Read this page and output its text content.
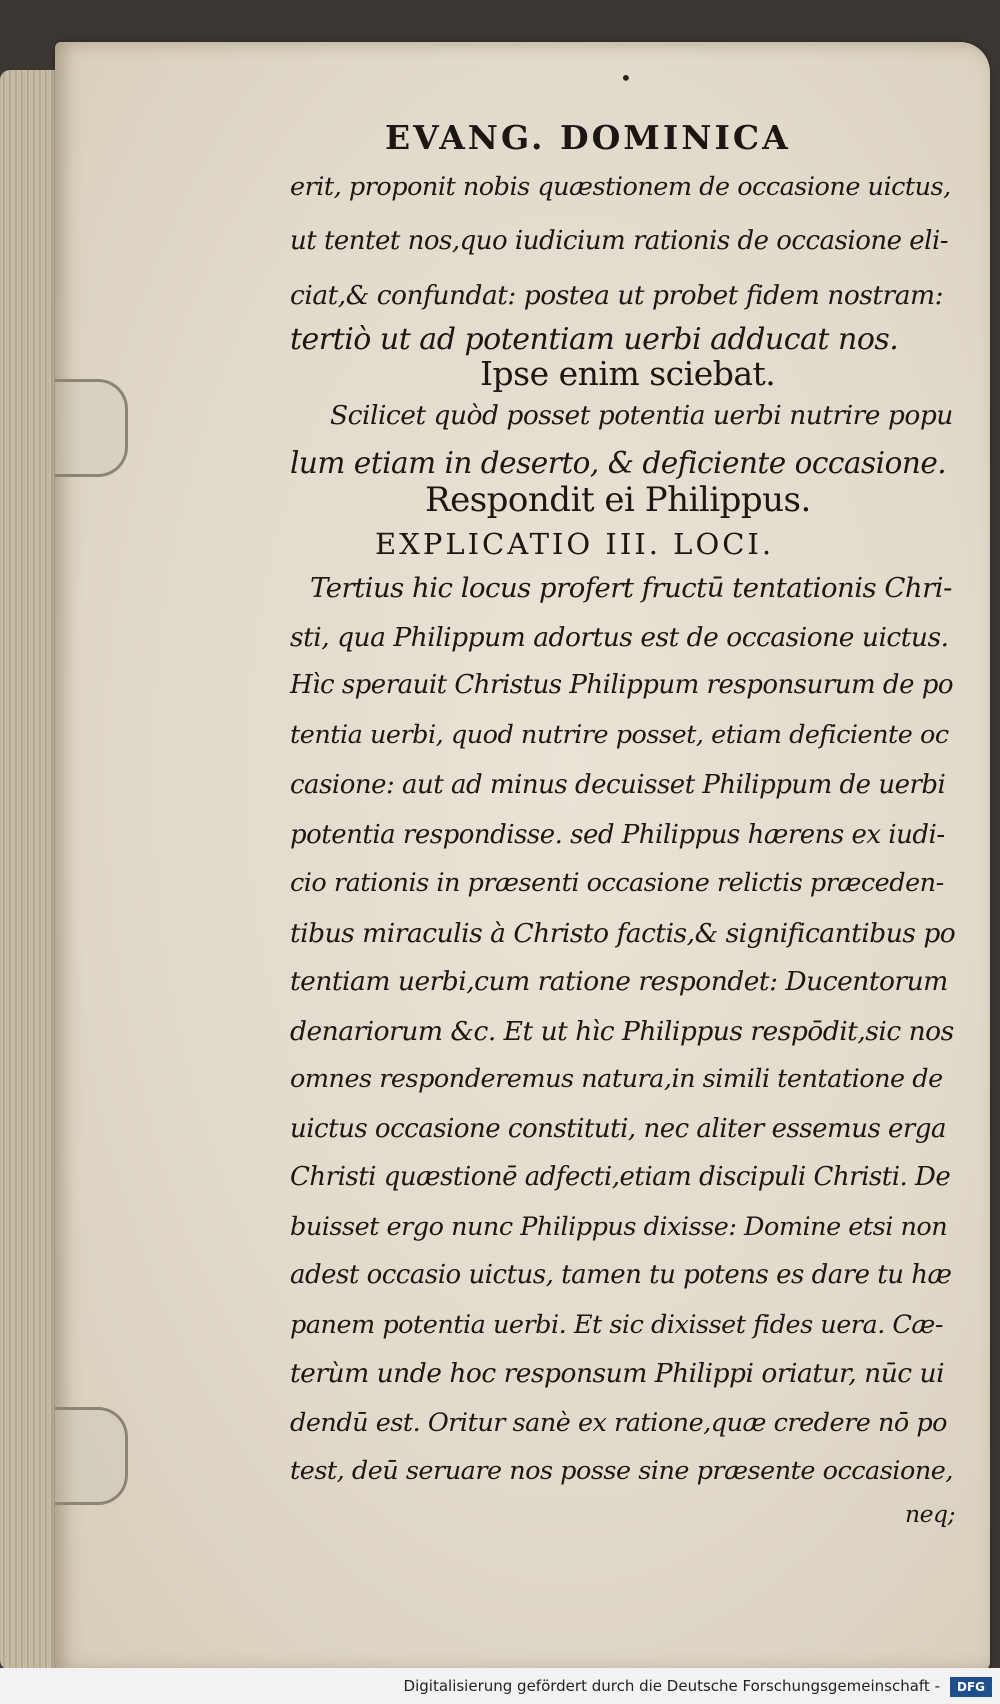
•
EVANG. DOMINICA
erit, proponit nobis quæstionem de occasione uictus,
ut tentet nos,quo iudicium rationis de occasione eli-
ciat,& confundat: postea ut probet fidem nostram:
tertiò ut ad potentiam uerbi adducat nos.
Ipse enim sciebat.
Scilicet quòd posset potentia uerbi nutrire popu
lum etiam in deserto, & deficiente occasione.
Respondit ei Philippus.
EXPLICATIO III. LOCI.
Tertius hic locus profert fructū tentationis Chri-
sti, qua Philippum adortus est de occasione uictus.
Hìc sperauit Christus Philippum responsurum de po
tentia uerbi, quod nutrire posset, etiam deficiente oc
casione: aut ad minus decuisset Philippum de uerbi
potentia respondisse. sed Philippus hærens ex iudi-
cio rationis in præsenti occasione relictis præceden-
tibus miraculis à Christo factis,& significantibus po
tentiam uerbi,cum ratione respondet: Ducentorum
denariorum &c. Et ut hìc Philippus respōdit,sic nos
omnes responderemus natura,in simili tentatione de
uictus occasione constituti, nec aliter essemus erga
Christi quæstionē adfecti,etiam discipuli Christi. De
buisset ergo nunc Philippus dixisse: Domine etsi non
adest occasio uictus, tamen tu potens es dare tu hæ
panem potentia uerbi. Et sic dixisset fides uera. Cæ-
terùm unde hoc responsum Philippi oriatur, nūc ui
dendū est. Oritur sanè ex ratione,quæ credere nō po
test, deū seruare nos posse sine præsente occasione,
neq;
Digitalisierung gefördert durch die Deutsche Forschungsgemeinschaft -	DFG
